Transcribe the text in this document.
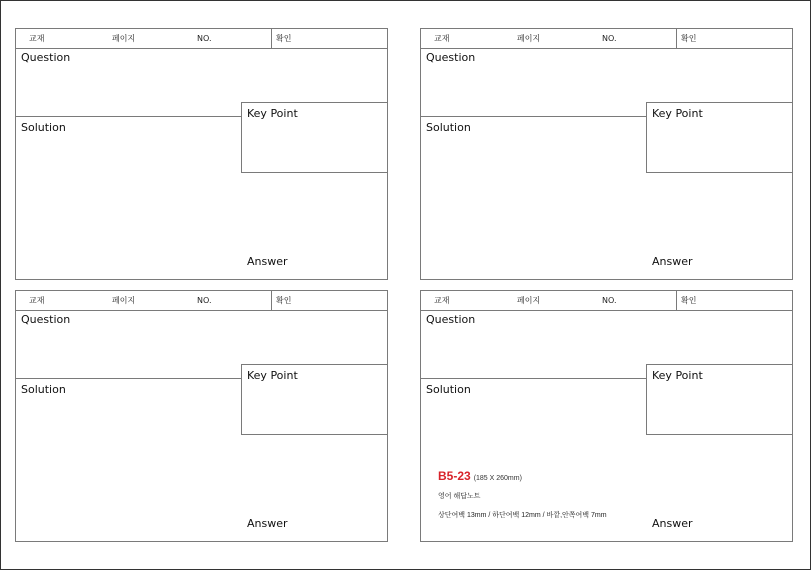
교재	페이지	NO.	확인
Question
Solution
Key Point
Answer
교재	페이지	NO.	확인
Question
Solution
Key Point
Answer
교재	페이지	NO.	확인
Question
Solution
Key Point
Answer
교재	페이지	NO.	확인
Question
Solution
Key Point
Answer
B5-23 (185 X 260mm)
영어 해답노트
상단여백 13mm / 하단여백 12mm / 바깥,안쪽여백 7mm
